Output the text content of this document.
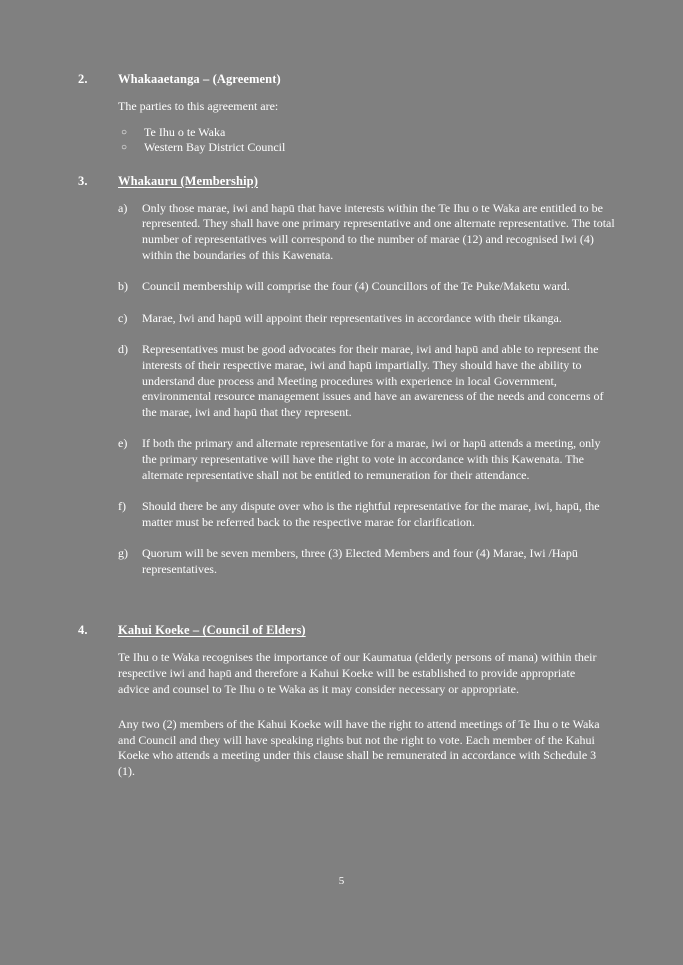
2.	Whakaaetanga – (Agreement)

The parties to this agreement are:

○ Te Ihu o te Waka
○ Western Bay District Council
3.	Whakauru (Membership)
a)	Only those marae, iwi and hapū that have interests within the Te Ihu o te Waka are entitled to be represented. They shall have one primary representative and one alternate representative. The total number of representatives will correspond to the number of marae (12) and recognised Iwi (4) within the boundaries of this Kawenata.
b)	Council membership will comprise the four (4) Councillors of the Te Puke/Maketu ward.
c)	Marae, Iwi and hapū will appoint their representatives in accordance with their tikanga.
d)	Representatives must be good advocates for their marae, iwi and hapū and able to represent the interests of their respective marae, iwi and hapū impartially. They should have the ability to understand due process and Meeting procedures with experience in local Government, environmental resource management issues and have an awareness of the needs and concerns of the marae, iwi and hapū that they represent.
e)	If both the primary and alternate representative for a marae, iwi or hapū attends a meeting, only the primary representative will have the right to vote in accordance with this Kawenata. The alternate representative shall not be entitled to remuneration for their attendance.
f)	Should there be any dispute over who is the rightful representative for the marae, iwi, hapū, the matter must be referred back to the respective marae for clarification.
g)	Quorum will be seven members, three (3) Elected Members and four (4) Marae, Iwi /Hapū representatives.
4.	Kahui Koeke – (Council of Elders)

Te Ihu o te Waka recognises the importance of our Kaumatua (elderly persons of mana) within their respective iwi and hapū and therefore a Kahui Koeke will be established to provide appropriate advice and counsel to Te Ihu o te Waka as it may consider necessary or appropriate.

Any two (2) members of the Kahui Koeke will have the right to attend meetings of Te Ihu o te Waka and Council and they will have speaking rights but not the right to vote. Each member of the Kahui Koeke who attends a meeting under this clause shall be remunerated in accordance with Schedule 3 (1).

5
